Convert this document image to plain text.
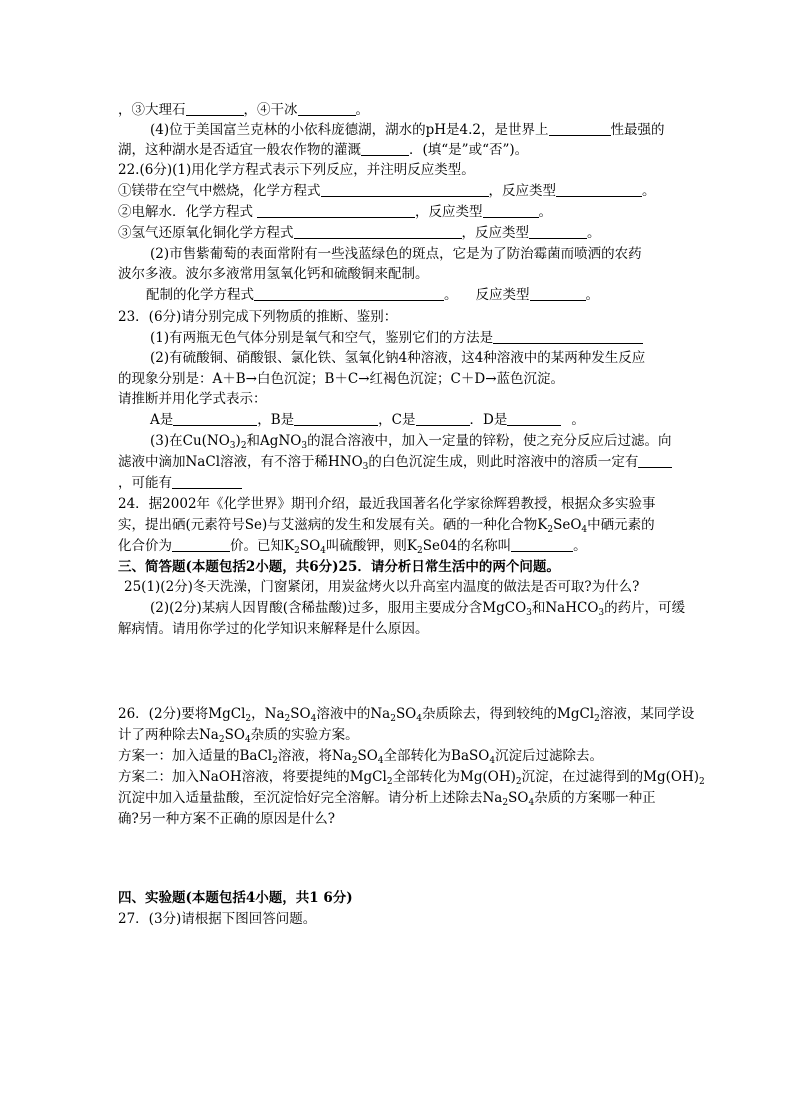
，③大理石	，④干冰	。
(4)位于美国富兰克林的小依科庞德湖，湖水的pH是4.2，是世界上	性最强的
湖，这种湖水是否适宜一般农作物的灌溉	．(填“是”或“否”)。
22.(6分)(1)用化学方程式表示下列反应，并注明反应类型。
①镁带在空气中燃烧，化学方程式	，反应类型	。
②电解水．化学方程式	，反应类型	。
③氢气还原氧化铜化学方程式	，反应类型	。
(2)市售紫葡萄的表面常附有一些浅蓝绿色的斑点，它是为了防治霉菌而喷洒的农药
波尔多液。波尔多液常用氢氧化钙和硫酸铜来配制。
配制的化学方程式	。 反应类型	。
23．(6分)请分别完成下列物质的推断、鉴别：
(1)有两瓶无色气体分别是氧气和空气，鉴别它们的方法是
(2)有硫酸铜、硝酸银、氯化铁、氢氧化钠4种溶液，这4种溶液中的某两种发生反应
的现象分别是：A＋B→白色沉淀；B＋C→红褐色沉淀；C＋D→蓝色沉淀。
请推断并用化学式表示：
A是	，B是	，C是	．D是	。
(3)在$Cu(NO_3)_2$和AgNO$_3$的混合溶液中，加入一定量的锌粉，使之充分反应后过滤。向
滤液中滴加NaCl溶液，有不溶于稀$HNO_3$的白色沉淀生成，则此时溶液中的溶质一定有
，可能有
24．据2002年《化学世界》期刊介绍，最近我国著名化学家徐辉碧教授，根据众多实验事
实，提出硒(元素符号Se)与艾滋病的发生和发展有关。硒的一种化合物$K_2SeO_4$中硒元素的
化合价为	价。已知$K_2SO_4$叫硫酸钾，则$K_2Se04$的名称叫	。
三、简答题(本题包括2小题，共6分)25．请分析日常生活中的两个问题。
25(1)(2分)冬天洗澡，门窗紧闭，用炭盆烤火以升高室内温度的做法是否可取?为什么?
(2)(2分)某病人因胃酸(含稀盐酸)过多，服用主要成分含MgCO$_3$和NaHCO$_3$的药片，可缓
解病情。请用你学过的化学知识来解释是什么原因。
26．(2分)要将MgCl$_2$，$Na_2SO_4$溶液中的$Na_2SO_4$杂质除去，得到较纯的MgCl$_2$溶液，某同学设
计了两种除去$Na_2SO_4$杂质的实验方案。
方案一：加入适量的BaCl$_2$溶液，将$Na_2SO_4$全部转化为BaSO$_4$沉淀后过滤除去。
方案二：加入NaOH溶液，将要提纯的MgCl$_2$全部转化为$Mg(OH)_2$沉淀，在过滤得到的$Mg(OH)_2$
沉淀中加入适量盐酸，至沉淀恰好完全溶解。请分析上述除去$Na_2SO_4$杂质的方案哪一种正
确?另一种方案不正确的原因是什么?
四、实验题(本题包括4小题，共1 6分)
27．(3分)请根据下图回答问题。
